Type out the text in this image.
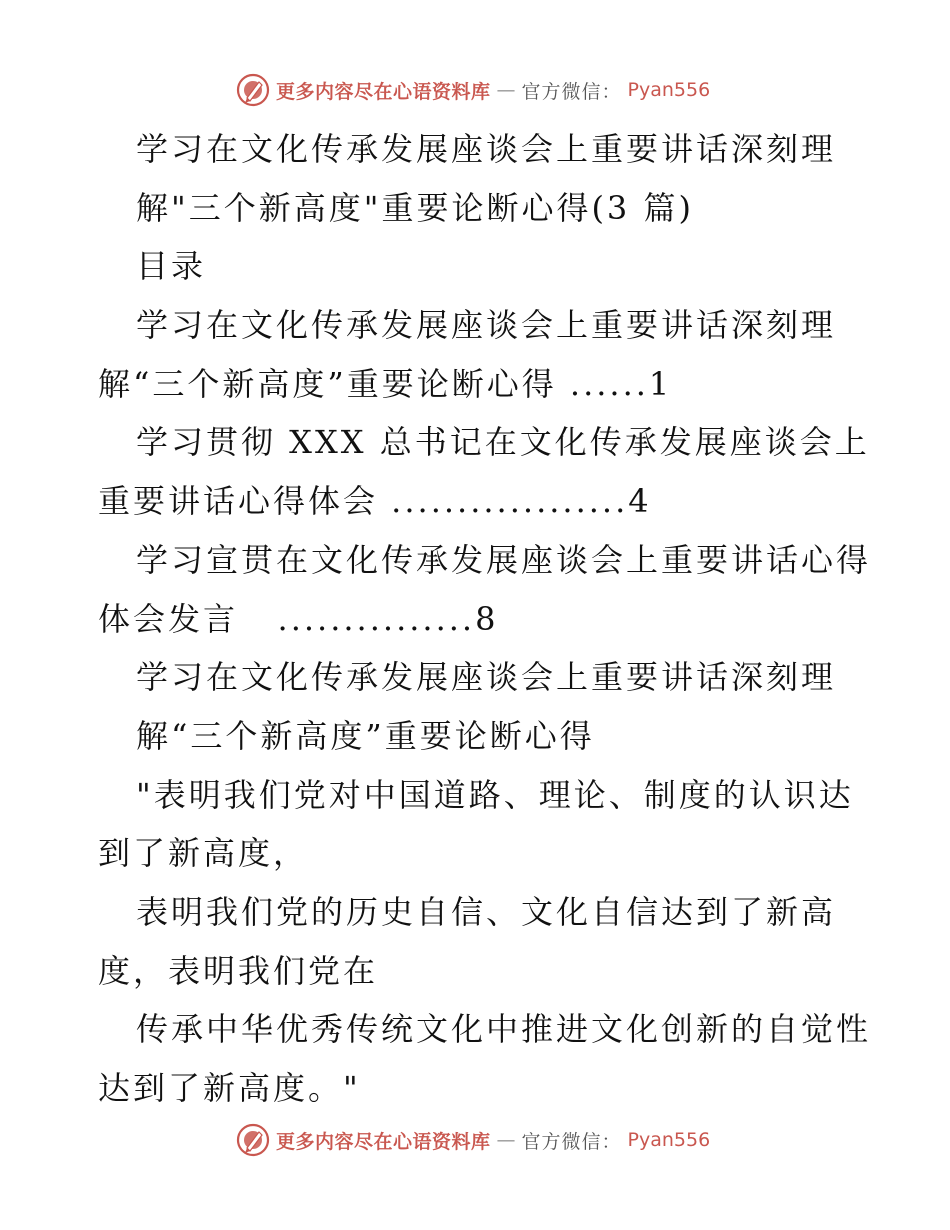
更多内容尽在心语资料库 — 官方微信： Pyan556
学习在文化传承发展座谈会上重要讲话深刻理
解"三个新高度"重要论断心得(3 篇)
目录
学习在文化传承发展座谈会上重要讲话深刻理
解“三个新高度”重要论断心得 ......1
学习贯彻 XXX 总书记在文化传承发展座谈会上
重要讲话心得体会 ..................4
学习宣贯在文化传承发展座谈会上重要讲话心得
体会发言   ...............8
学习在文化传承发展座谈会上重要讲话深刻理
解“三个新高度”重要论断心得
"表明我们党对中国道路、理论、制度的认识达
到了新高度，
表明我们党的历史自信、文化自信达到了新高
度，表明我们党在
传承中华优秀传统文化中推进文化创新的自觉性
达到了新高度。"
更多内容尽在心语资料库 — 官方微信： Pyan556
